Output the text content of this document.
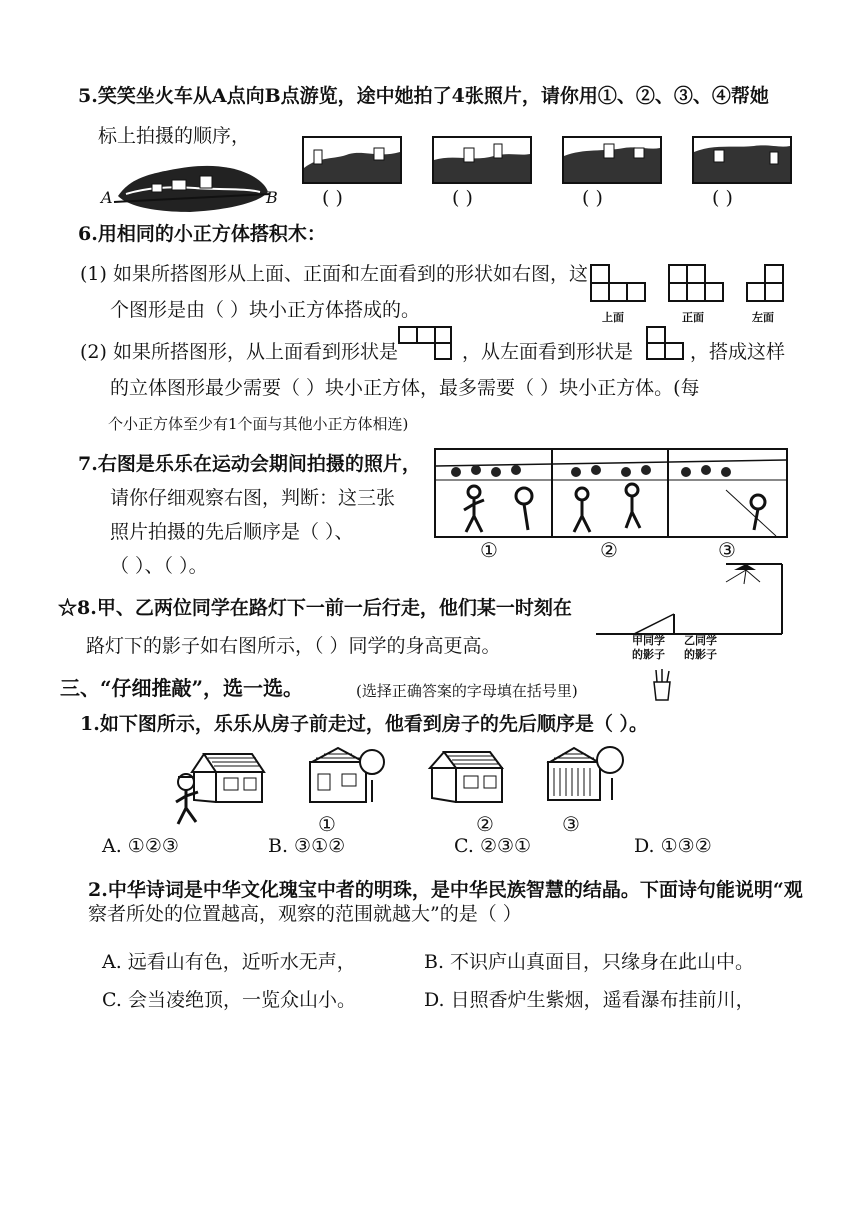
5.笑笑坐火车从A点向B点游览，途中她拍了4张照片，请你用①、②、③、④帮她
标上拍摄的顺序，
A	B ( )	( )	( )	( )
6.用相同的小正方体搭积木：
(1) 如果所搭图形从上面、正面和左面看到的形状如右图，这
个图形是由（ ）块小正方体搭成的。	上面	正面	左面
(2) 如果所搭图形，从上面看到形状是	，从左面看到形状是	，搭成这样
的立体图形最少需要（ ）块小正方体，最多需要（ ）块小正方体。(每
个小正方体至少有1个面与其他小正方体相连)
7.右图是乐乐在运动会期间拍摄的照片，
请你仔细观察右图，判断：这三张
照片拍摄的先后顺序是（ ）、
（ ）、（ ）。
①	②	③
☆8.甲、乙两位同学在路灯下一前一后行走，他们某一时刻在
路灯下的影子如右图所示，（ ）同学的身高更高。	甲同学
的影子
乙同学
的影子
三、“仔细推敲”，选一选。	(选择正确答案的字母填在括号里)
1.如下图所示，乐乐从房子前走过，他看到房子的先后顺序是（ ）。
①	②	③
A. ①②③	B. ③①②	C. ②③①	D. ①③②
2.中华诗词是中华文化瑰宝中者的明珠，是中华民族智慧的结晶。下面诗句能说明“观
察者所处的位置越高，观察的范围就越大”的是（ ）
A. 远看山有色，近听水无声，	B. 不识庐山真面目，只缘身在此山中。
C. 会当凌绝顶，一览众山小。	D. 日照香炉生紫烟，遥看瀑布挂前川，
